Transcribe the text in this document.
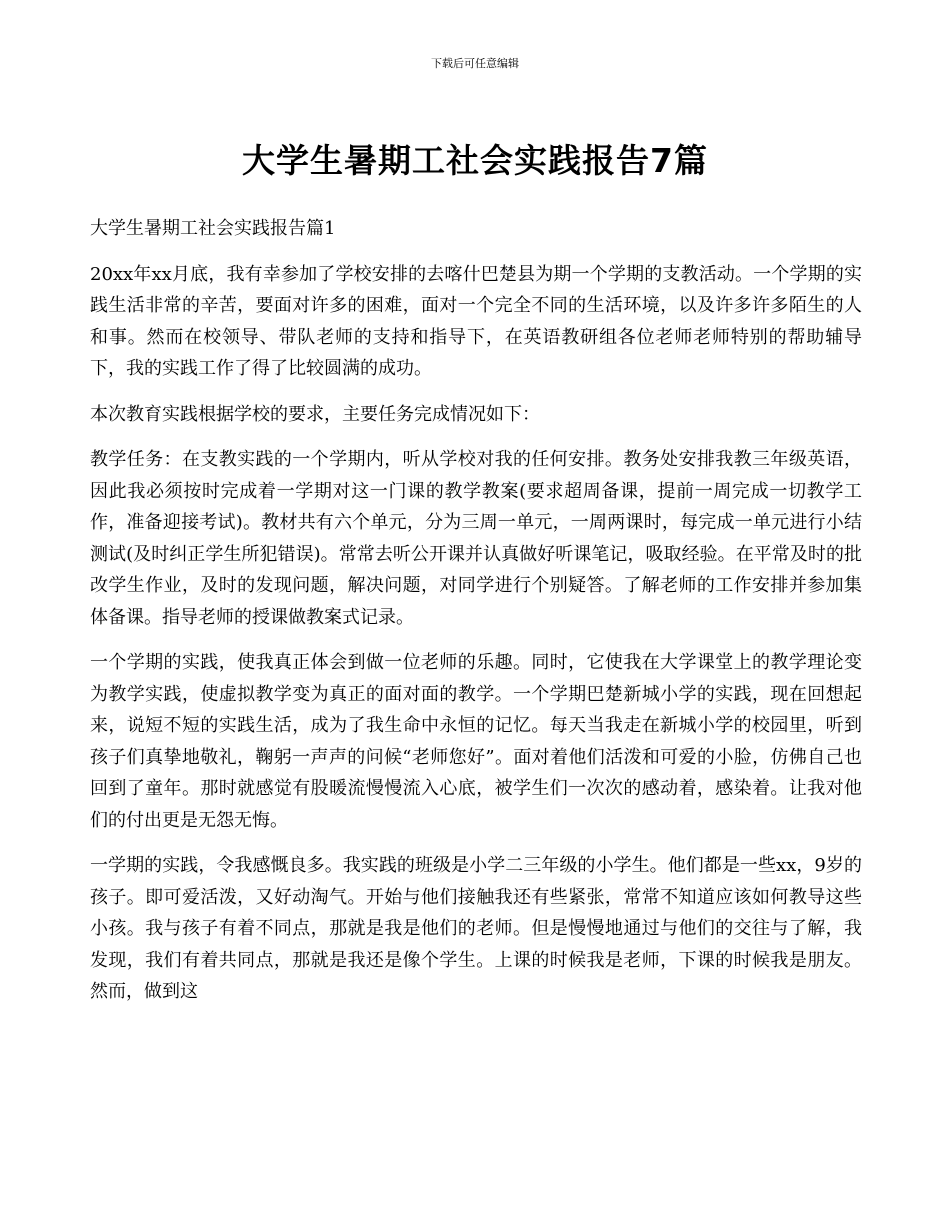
下载后可任意编辑
大学生暑期工社会实践报告7篇

大学生暑期工社会实践报告篇1

20xx年xx月底，我有幸参加了学校安排的去喀什巴楚县为期一个学期的支教活动。一个学期的实践生活非常的辛苦，要面对许多的困难，面对一个完全不同的生活环境，以及许多许多陌生的人和事。然而在校领导、带队老师的支持和指导下，在英语教研组各位老师老师特别的帮助辅导下，我的实践工作了得了比较圆满的成功。

本次教育实践根据学校的要求，主要任务完成情况如下：

教学任务：在支教实践的一个学期内，听从学校对我的任何安排。教务处安排我教三年级英语，因此我必须按时完成着一学期对这一门课的教学教案(要求超周备课，提前一周完成一切教学工作，准备迎接考试)。教材共有六个单元，分为三周一单元，一周两课时，每完成一单元进行小结测试(及时纠正学生所犯错误)。常常去听公开课并认真做好听课笔记，吸取经验。在平常及时的批改学生作业，及时的发现问题，解决问题，对同学进行个别疑答。了解老师的工作安排并参加集体备课。指导老师的授课做教案式记录。

一个学期的实践，使我真正体会到做一位老师的乐趣。同时，它使我在大学课堂上的教学理论变为教学实践，使虚拟教学变为真正的面对面的教学。一个学期巴楚新城小学的实践，现在回想起来，说短不短的实践生活，成为了我生命中永恒的记忆。每天当我走在新城小学的校园里，听到孩子们真挚地敬礼，鞠躬一声声的问候“老师您好”。面对着他们活泼和可爱的小脸，仿佛自己也回到了童年。那时就感觉有股暖流慢慢流入心底，被学生们一次次的感动着，感染着。让我对他们的付出更是无怨无悔。

一学期的实践，令我感慨良多。我实践的班级是小学二三年级的小学生。他们都是一些xx，9岁的孩子。即可爱活泼，又好动淘气。开始与他们接触我还有些紧张，常常不知道应该如何教导这些小孩。我与孩子有着不同点，那就是我是他们的老师。但是慢慢地通过与他们的交往与了解，我发现，我们有着共同点，那就是我还是像个学生。上课的时候我是老师，下课的时候我是朋友。然而，做到这
